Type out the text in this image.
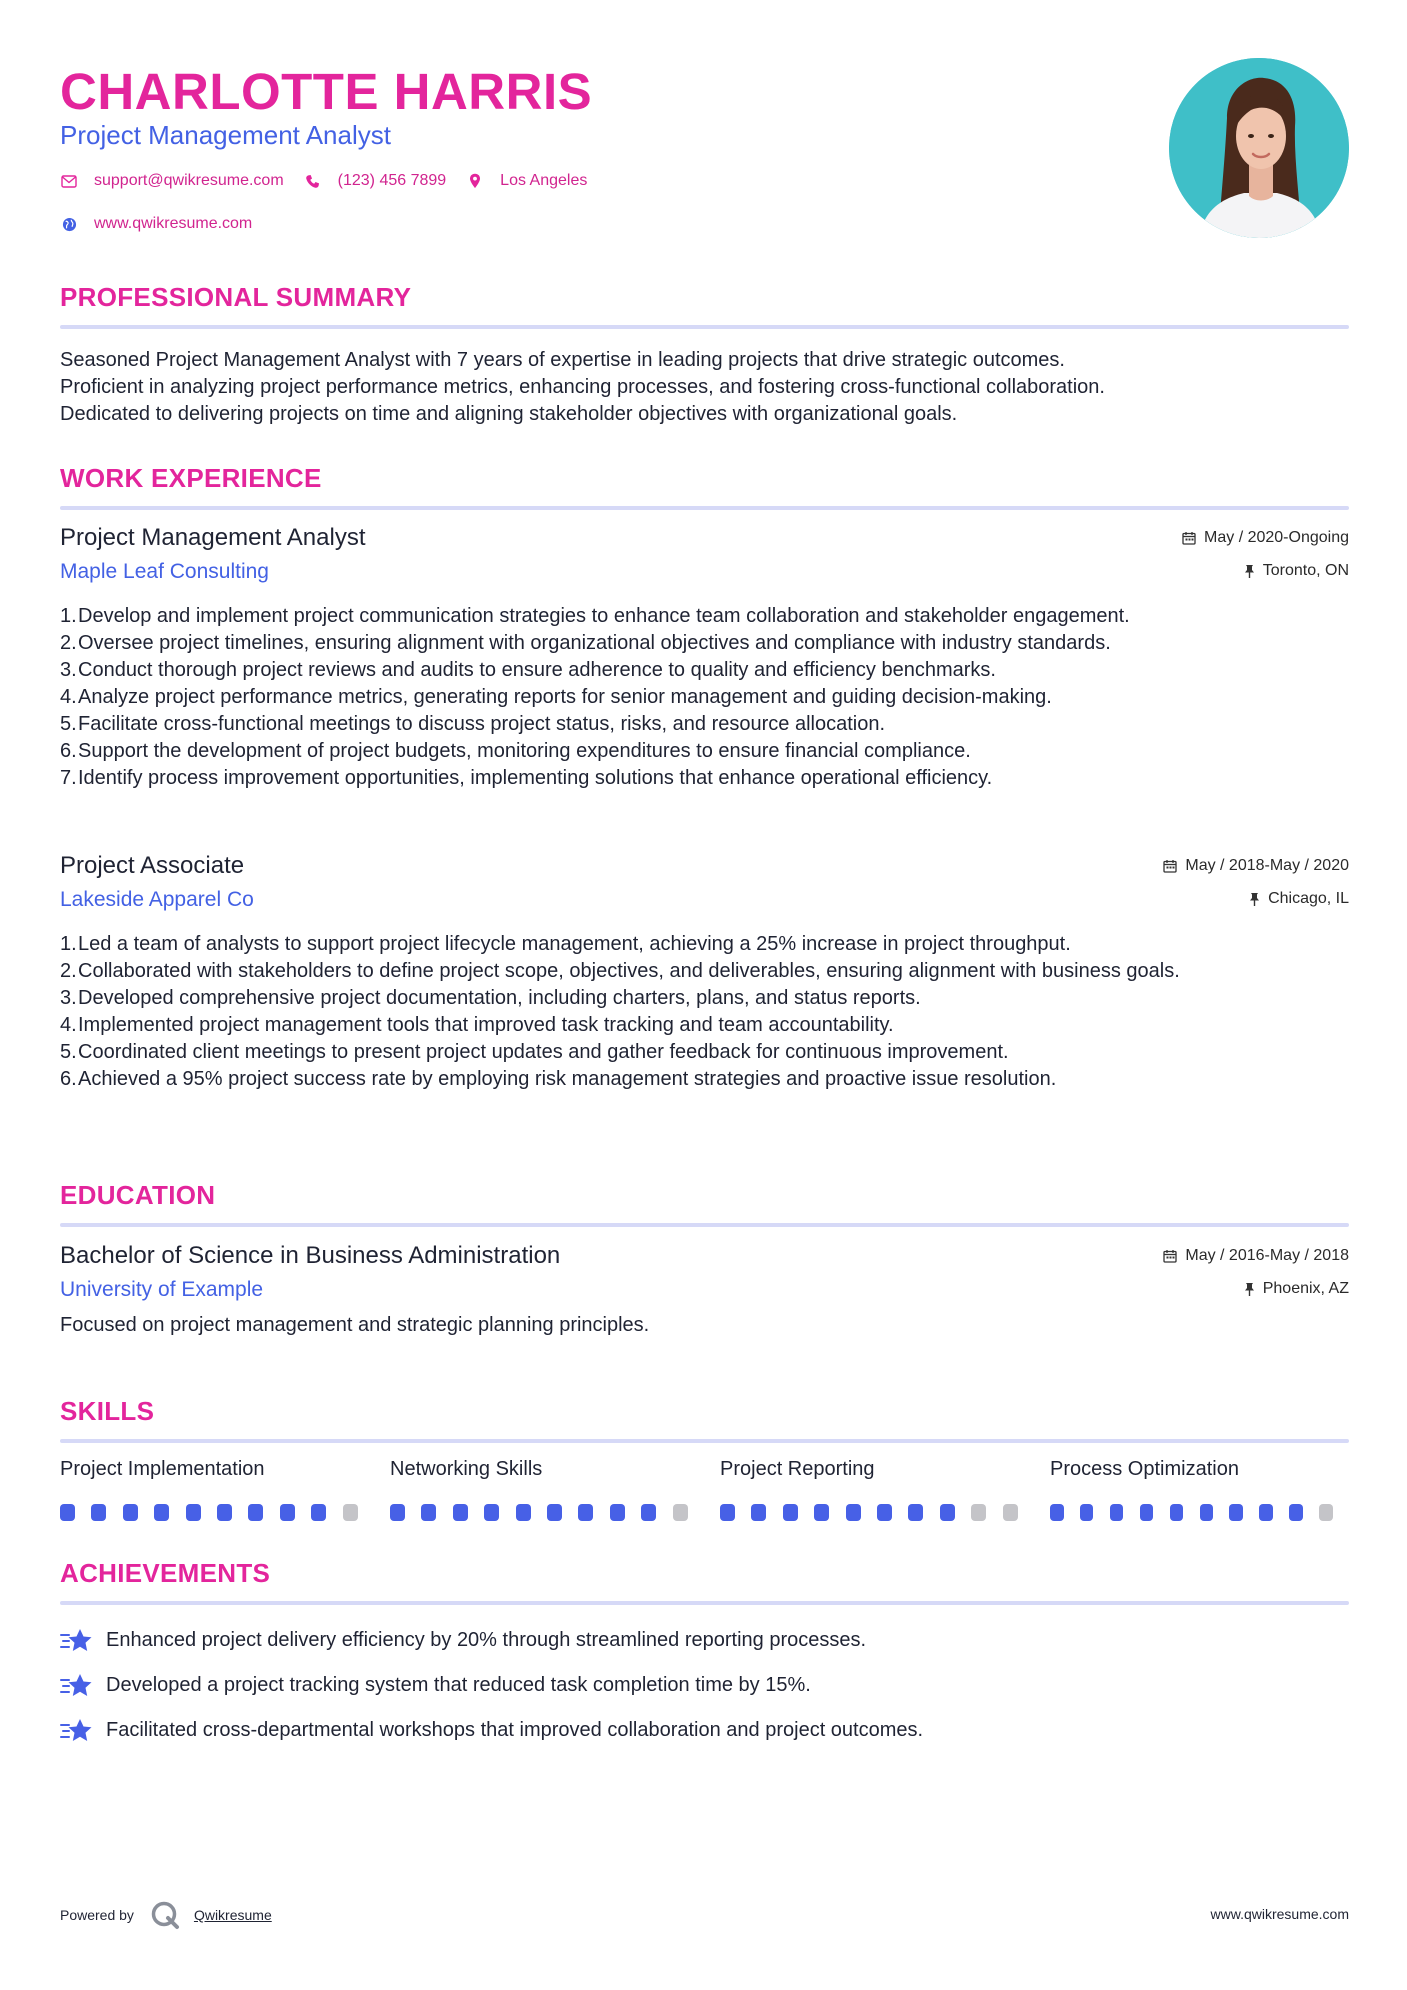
CHARLOTTE HARRIS
Project Management Analyst
support@qwikresume.com	(123) 456 7899	Los Angeles
www.qwikresume.com
PROFESSIONAL SUMMARY
Seasoned Project Management Analyst with 7 years of expertise in leading projects that drive strategic outcomes.
Proficient in analyzing project performance metrics, enhancing processes, and fostering cross-functional collaboration.
Dedicated to delivering projects on time and aligning stakeholder objectives with organizational goals.
WORK EXPERIENCE
Project Management Analyst
Maple Leaf Consulting
May / 2020-Ongoing
Toronto, ON
1. Develop and implement project communication strategies to enhance team collaboration and stakeholder engagement.
2. Oversee project timelines, ensuring alignment with organizational objectives and compliance with industry standards.
3. Conduct thorough project reviews and audits to ensure adherence to quality and efficiency benchmarks.
4. Analyze project performance metrics, generating reports for senior management and guiding decision-making.
5. Facilitate cross-functional meetings to discuss project status, risks, and resource allocation.
6. Support the development of project budgets, monitoring expenditures to ensure financial compliance.
7. Identify process improvement opportunities, implementing solutions that enhance operational efficiency.
Project Associate
Lakeside Apparel Co
May / 2018-May / 2020
Chicago, IL
1. Led a team of analysts to support project lifecycle management, achieving a 25% increase in project throughput.
2. Collaborated with stakeholders to define project scope, objectives, and deliverables, ensuring alignment with business goals.
3. Developed comprehensive project documentation, including charters, plans, and status reports.
4. Implemented project management tools that improved task tracking and team accountability.
5. Coordinated client meetings to present project updates and gather feedback for continuous improvement.
6. Achieved a 95% project success rate by employing risk management strategies and proactive issue resolution.
EDUCATION
Bachelor of Science in Business Administration
University of Example
May / 2016-May / 2018
Phoenix, AZ
Focused on project management and strategic planning principles.
SKILLS
Project Implementation	Networking Skills	Project Reporting	Process Optimization
ACHIEVEMENTS
Enhanced project delivery efficiency by 20% through streamlined reporting processes.
Developed a project tracking system that reduced task completion time by 15%.
Facilitated cross-departmental workshops that improved collaboration and project outcomes.
Powered by	Qwikresume	www.qwikresume.com
